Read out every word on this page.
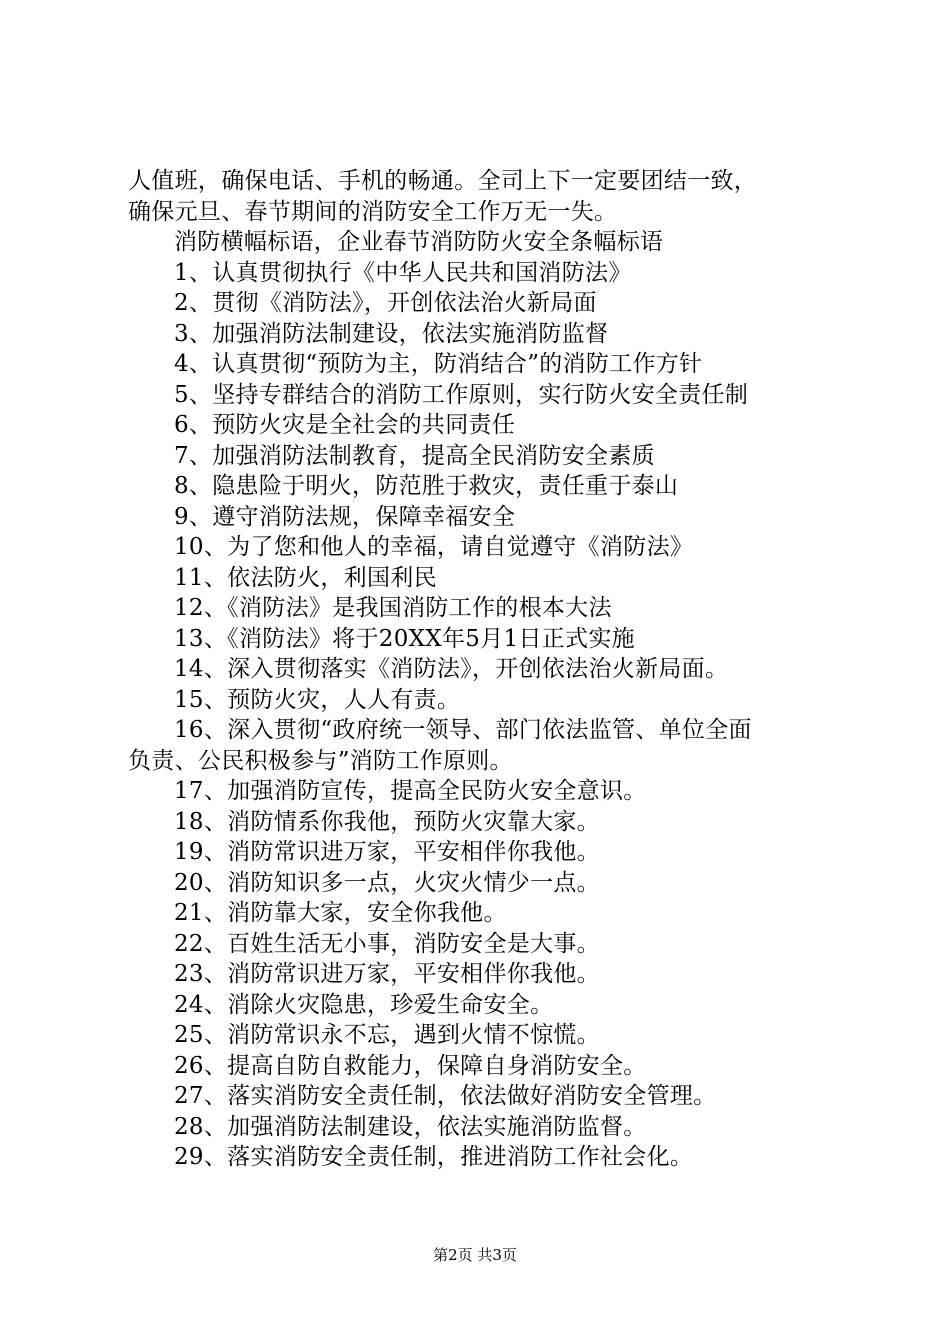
人值班，确保电话、手机的畅通。全司上下一定要团结一致，
确保元旦、春节期间的消防安全工作万无一失。
消防横幅标语，企业春节消防防火安全条幅标语
1、认真贯彻执行《中华人民共和国消防法》
2、贯彻《消防法》，开创依法治火新局面
3、加强消防法制建设，依法实施消防监督
4、认真贯彻“预防为主，防消结合”的消防工作方针
5、坚持专群结合的消防工作原则，实行防火安全责任制
6、预防火灾是全社会的共同责任
7、加强消防法制教育，提高全民消防安全素质
8、隐患险于明火，防范胜于救灾，责任重于泰山
9、遵守消防法规，保障幸福安全
10、为了您和他人的幸福，请自觉遵守《消防法》
11、依法防火，利国利民
12、《消防法》是我国消防工作的根本大法
13、《消防法》将于20XX年5月1日正式实施
14、深入贯彻落实《消防法》，开创依法治火新局面。
15、预防火灾，人人有责。
16、深入贯彻“政府统一领导、部门依法监管、单位全面
负责、公民积极参与”消防工作原则。
17、加强消防宣传，提高全民防火安全意识。
18、消防情系你我他，预防火灾靠大家。
19、消防常识进万家，平安相伴你我他。
20、消防知识多一点，火灾火情少一点。
21、消防靠大家，安全你我他。
22、百姓生活无小事，消防安全是大事。
23、消防常识进万家，平安相伴你我他。
24、消除火灾隐患，珍爱生命安全。
25、消防常识永不忘，遇到火情不惊慌。
26、提高自防自救能力，保障自身消防安全。
27、落实消防安全责任制，依法做好消防安全管理。
28、加强消防法制建设，依法实施消防监督。
29、落实消防安全责任制，推进消防工作社会化。
第2页 共3页
